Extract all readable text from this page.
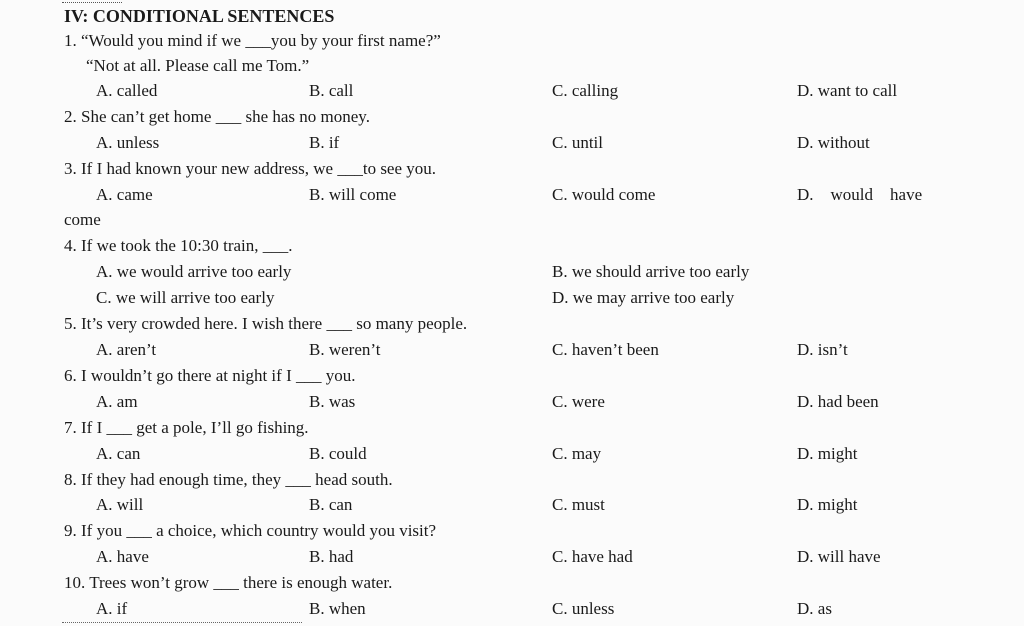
IV: CONDITIONAL SENTENCES
1. “Would you mind if we ___you by your first name?”
“Not at all. Please call me Tom.”
A. called	B. call	C. calling	D. want to call
2. She can’t get home ___ she has no money.
A. unless	B. if	C. until	D. without
3. If I had known your new address, we ___to see you.
A. came	B. will come	C. would come	D.    would    have
come
4. If we took the 10:30 train, ___.
A. we would arrive too early	B. we should arrive too early
C. we will arrive too early	D. we may arrive too early
5. It’s very crowded here. I wish there ___ so many people.
A. aren’t	B. weren’t	C. haven’t been	D. isn’t
6. I wouldn’t go there at night if I ___ you.
A. am	B. was	C. were	D. had been
7. If I ___ get a pole, I’ll go fishing.
A. can	B. could	C. may	D. might
8. If they had enough time, they ___ head south.
A. will	B. can	C. must	D. might
9. If you ___ a choice, which country would you visit?
A. have	B. had	C. have had	D. will have
10. Trees won’t grow ___ there is enough water.
A. if	B. when	C. unless	D. as
